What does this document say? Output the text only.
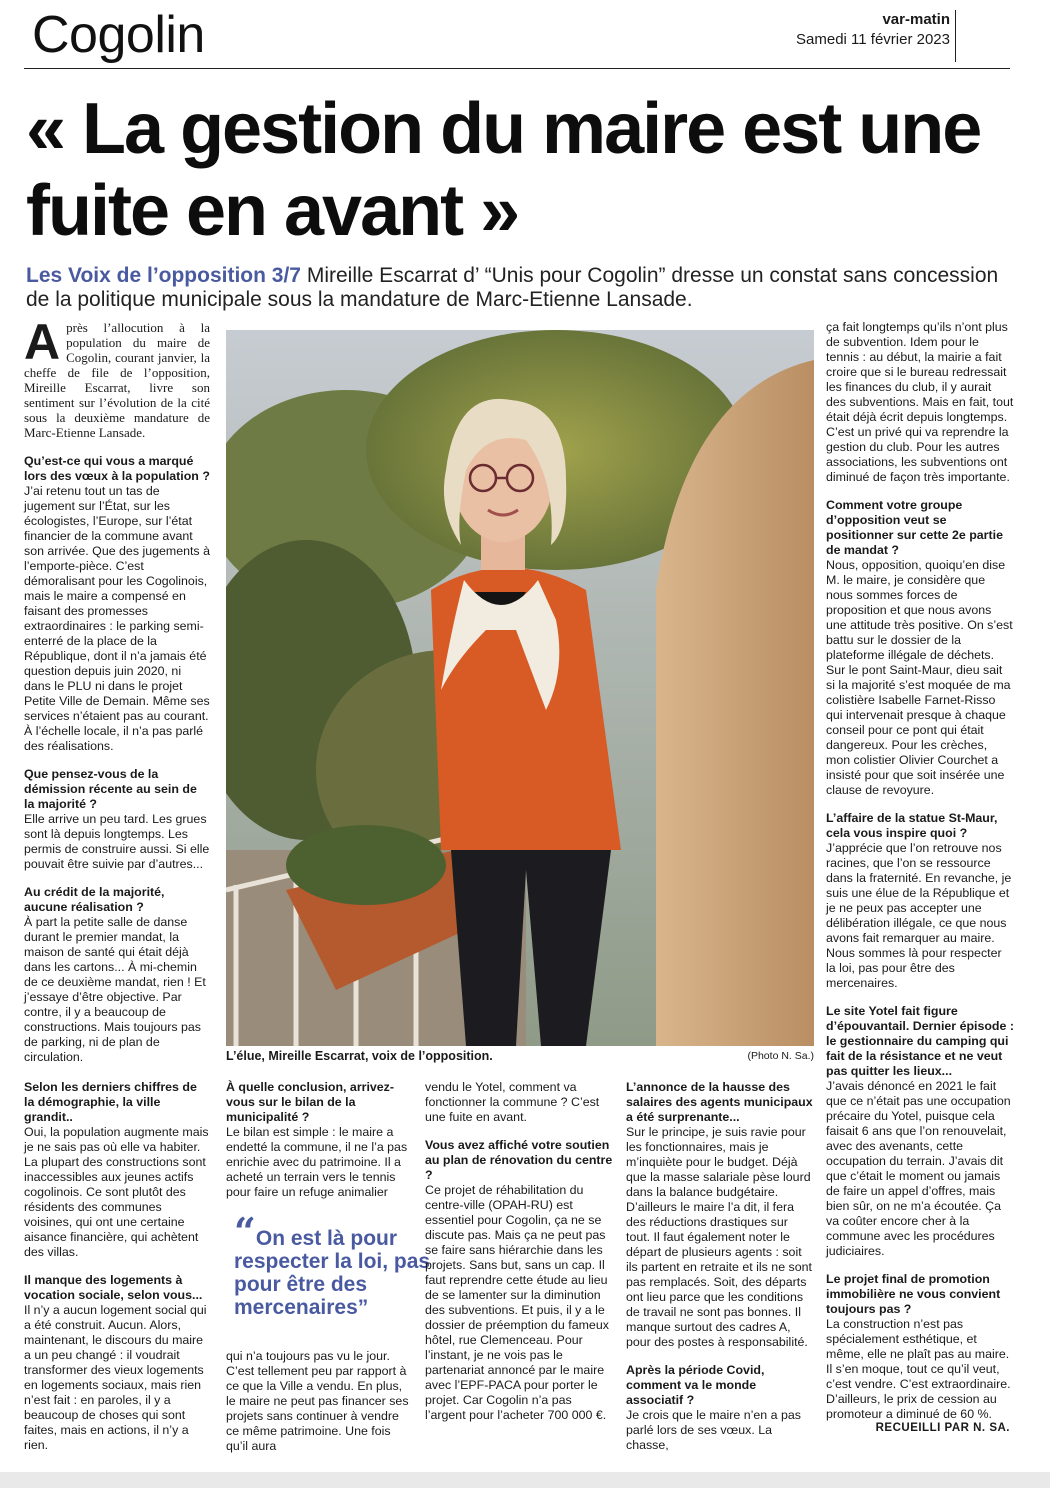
Cogolin	var-matin
Samedi 11 février 2023
« La gestion du maire est une fuite en avant »
Les Voix de l’opposition 3/7 Mireille Escarrat d’ “Unis pour Cogolin” dresse un constat sans concession de la politique municipale sous la mandature de Marc-Etienne Lansade.

Après l’allocution à la population du maire de Cogolin, courant janvier, la cheffe de file de l’opposition, Mireille Escarrat, livre son sentiment sur l’évolution de la cité sous la deuxième mandature de Marc-Etienne Lansade.

Qu’est-ce qui vous a marqué lors des vœux à la population ?

J’ai retenu tout un tas de jugement sur l’État, sur les écologistes, l’Europe, sur l’état financier de la commune avant son arrivée. Que des jugements à l’emporte-pièce. C’est démoralisant pour les Cogolinois, mais le maire a compensé en faisant des promesses extraordinaires : le parking semi-enterré de la place de la République, dont il n’a jamais été question depuis juin 2020, ni dans le PLU ni dans le projet Petite Ville de Demain. Même ses services n’étaient pas au courant. À l’échelle locale, il n’a pas parlé des réalisations.

Que pensez-vous de la démission récente au sein de la majorité ?

Elle arrive un peu tard. Les grues sont là depuis longtemps. Les permis de construire aussi. Si elle pouvait être suivie par d’autres...

Au crédit de la majorité, aucune réalisation ?

À part la petite salle de danse durant le premier mandat, la maison de santé qui était déjà dans les cartons... À mi-chemin de ce deuxième mandat, rien ! Et j’essaye d’être objective. Par contre, il y a beaucoup de constructions. Mais toujours pas de parking, ni de plan de circulation.

Selon les derniers chiffres de la démographie, la ville grandit..

Oui, la population augmente mais je ne sais pas où elle va habiter. La plupart des constructions sont inaccessibles aux jeunes actifs cogolinois. Ce sont plutôt des résidents des communes voisines, qui ont une certaine aisance financière, qui achètent des villas.

Il manque des logements à vocation sociale, selon vous...

Il n’y a aucun logement social qui a été construit. Aucun. Alors, maintenant, le discours du maire a un peu changé : il voudrait transformer des vieux logements en logements sociaux, mais rien n’est fait : en paroles, il y a beaucoup de choses qui sont faites, mais en actions, il n’y a rien.

L’élue, Mireille Escarrat, voix de l’opposition.	(Photo N. Sa.)

À quelle conclusion, arrivez-vous sur le bilan de la municipalité ?

Le bilan est simple : le maire a endetté la commune, il ne l’a pas enrichie avec du patrimoine. Il a acheté un terrain vers le tennis pour faire un refuge animalier

qui n’a toujours pas vu le jour. C’est tellement peu par rapport à ce que la Ville a vendu. En plus, le maire ne peut pas financer ses projets sans continuer à vendre ce même patrimoine. Une fois qu’il aura

“On est là pour respecter la loi, pas pour être des mercenaires”

vendu le Yotel, comment va fonctionner la commune ? C’est une fuite en avant.

Vous avez affiché votre soutien au plan de rénovation du centre ?

Ce projet de réhabilitation du centre-ville (OPAH-RU) est essentiel pour Cogolin, ça ne se discute pas. Mais ça ne peut pas se faire sans hiérarchie dans les projets. Sans but, sans un cap. Il faut reprendre cette étude au lieu de se lamenter sur la diminution des subventions. Et puis, il y a le dossier de préemption du fameux hôtel, rue Clemenceau. Pour l’instant, je ne vois pas le partenariat annoncé par le maire avec l’EPF-PACA pour porter le projet. Car Cogolin n’a pas l’argent pour l’acheter 700 000 €.

L’annonce de la hausse des salaires des agents municipaux a été surprenante...

Sur le principe, je suis ravie pour les fonctionnaires, mais je m’inquiète pour le budget. Déjà que la masse salariale pèse lourd dans la balance budgétaire. D’ailleurs le maire l’a dit, il fera des réductions drastiques sur tout. Il faut également noter le départ de plusieurs agents : soit ils partent en retraite et ils ne sont pas remplacés. Soit, des départs ont lieu parce que les conditions de travail ne sont pas bonnes. Il manque surtout des cadres A, pour des postes à responsabilité.

Après la période Covid, comment va le monde associatif ?

Je crois que le maire n’en a pas parlé lors de ses vœux. La chasse,

ça fait longtemps qu’ils n’ont plus de subvention. Idem pour le tennis : au début, la mairie a fait croire que si le bureau redressait les finances du club, il y aurait des subventions. Mais en fait, tout était déjà écrit depuis longtemps. C’est un privé qui va reprendre la gestion du club. Pour les autres associations, les subventions ont diminué de façon très importante.

Comment votre groupe d’opposition veut se positionner sur cette 2e partie de mandat ?

Nous, opposition, quoiqu’en dise M. le maire, je considère que nous sommes forces de proposition et que nous avons une attitude très positive. On s’est battu sur le dossier de la plateforme illégale de déchets. Sur le pont Saint-Maur, dieu sait si la majorité s’est moquée de ma colistière Isabelle Farnet-Risso qui intervenait presque à chaque conseil pour ce pont qui était dangereux. Pour les crèches, mon colistier Olivier Courchet a insisté pour que soit insérée une clause de revoyure.

L’affaire de la statue St-Maur, cela vous inspire quoi ?

J’apprécie que l’on retrouve nos racines, que l’on se ressource dans la fraternité. En revanche, je suis une élue de la République et je ne peux pas accepter une délibération illégale, ce que nous avons fait remarquer au maire. Nous sommes là pour respecter la loi, pas pour être des mercenaires.

Le site Yotel fait figure d’épouvantail. Dernier épisode : le gestionnaire du camping qui fait de la résistance et ne veut pas quitter les lieux...

J’avais dénoncé en 2021 le fait que ce n’était pas une occupation précaire du Yotel, puisque cela faisait 6 ans que l’on renouvelait, avec des avenants, cette occupation du terrain. J’avais dit que c’était le moment ou jamais de faire un appel d’offres, mais bien sûr, on ne m’a écoutée. Ça va coûter encore cher à la commune avec les procédures judiciaires.

Le projet final de promotion immobilière ne vous convient toujours pas ?

La construction n’est pas spécialement esthétique, et même, elle ne plaît pas au maire. Il s’en moque, tout ce qu’il veut, c’est vendre. C’est extraordinaire. D’ailleurs, le prix de cession au promoteur a diminué de 60 %.

RECUEILLI PAR N. SA.
